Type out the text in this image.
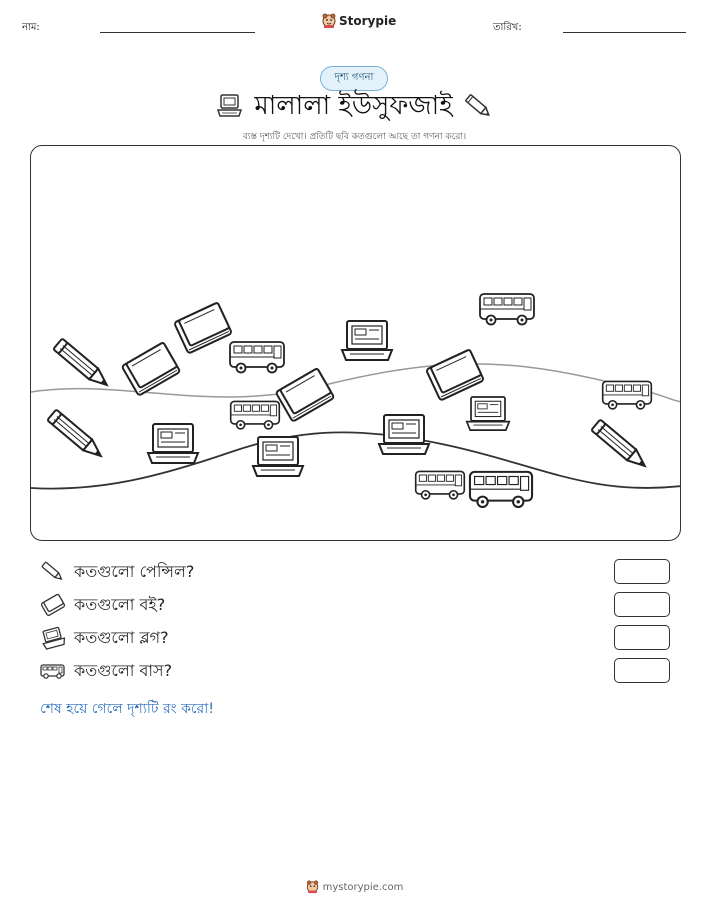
নাম:	Storypie	তারিখ:
দৃশ্য গণনা
মালালা ইউসুফজাই
ব্যস্ত দৃশ্যটি দেখো। প্রতিটি ছবি কতগুলো আছে তা গণনা করো।
কতগুলো পেন্সিল?
কতগুলো বই?
কতগুলো ব্লগ?
কতগুলো বাস?
শেষ হয়ে গেলে দৃশ্যটি রং করো!
mystorypie.com
